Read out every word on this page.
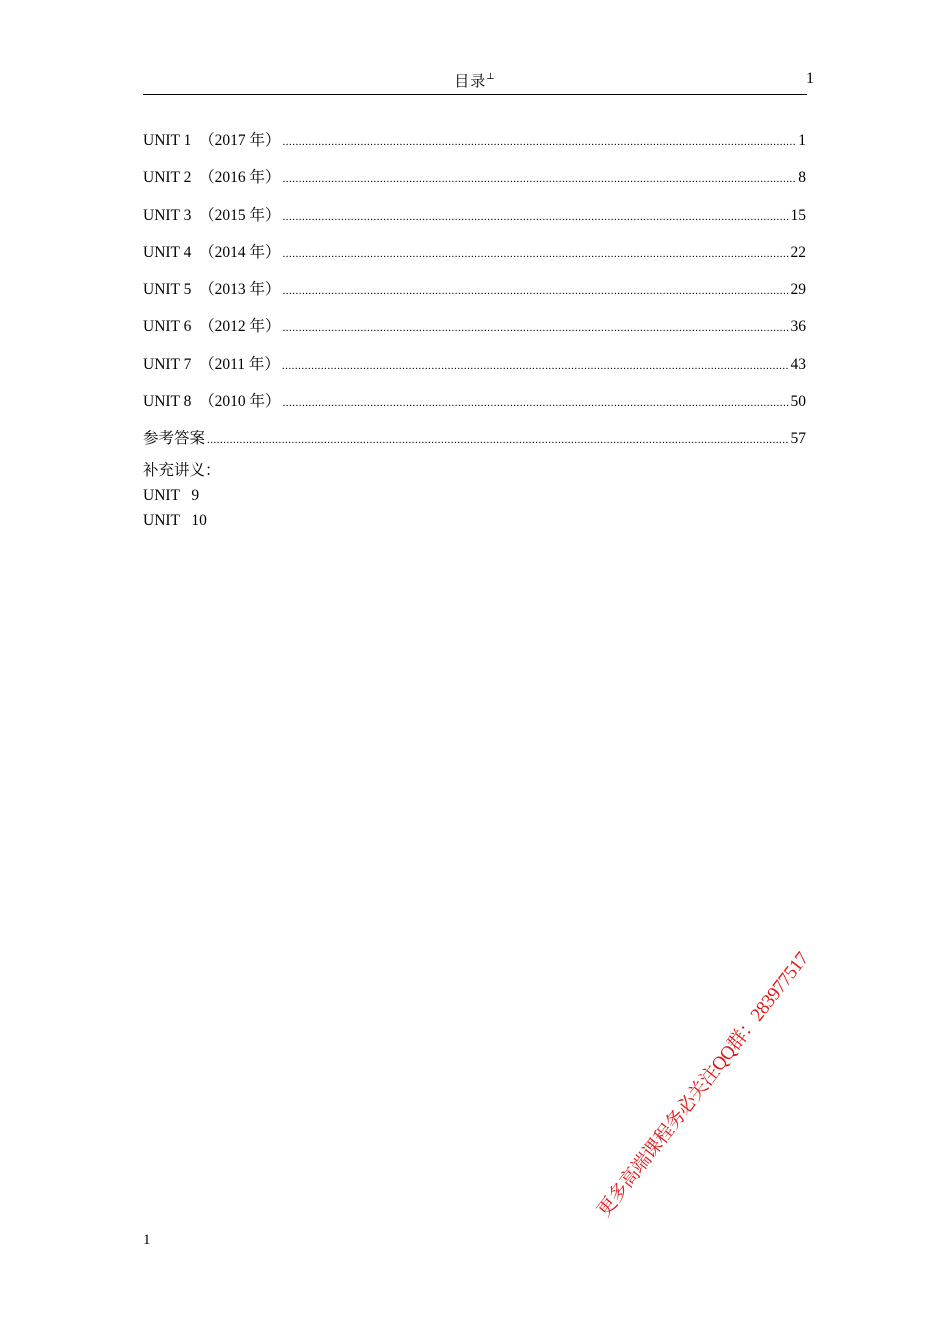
目录⊥	1
UNIT 1  （2017 年） .....	1
UNIT 2  （2016 年） .....	8
UNIT 3  （2015 年） .....	15
UNIT 4  （2014 年） .....	22
UNIT 5  （2013 年） .....	29
UNIT 6  （2012 年） .....	36
UNIT 7  （2011 年） .....	43
UNIT 8  （2010 年） .....	50
参考答案 .....	57
补充讲义：
UNIT   9
UNIT   10
更多高端课程务必关注QQ群：283977517
1
